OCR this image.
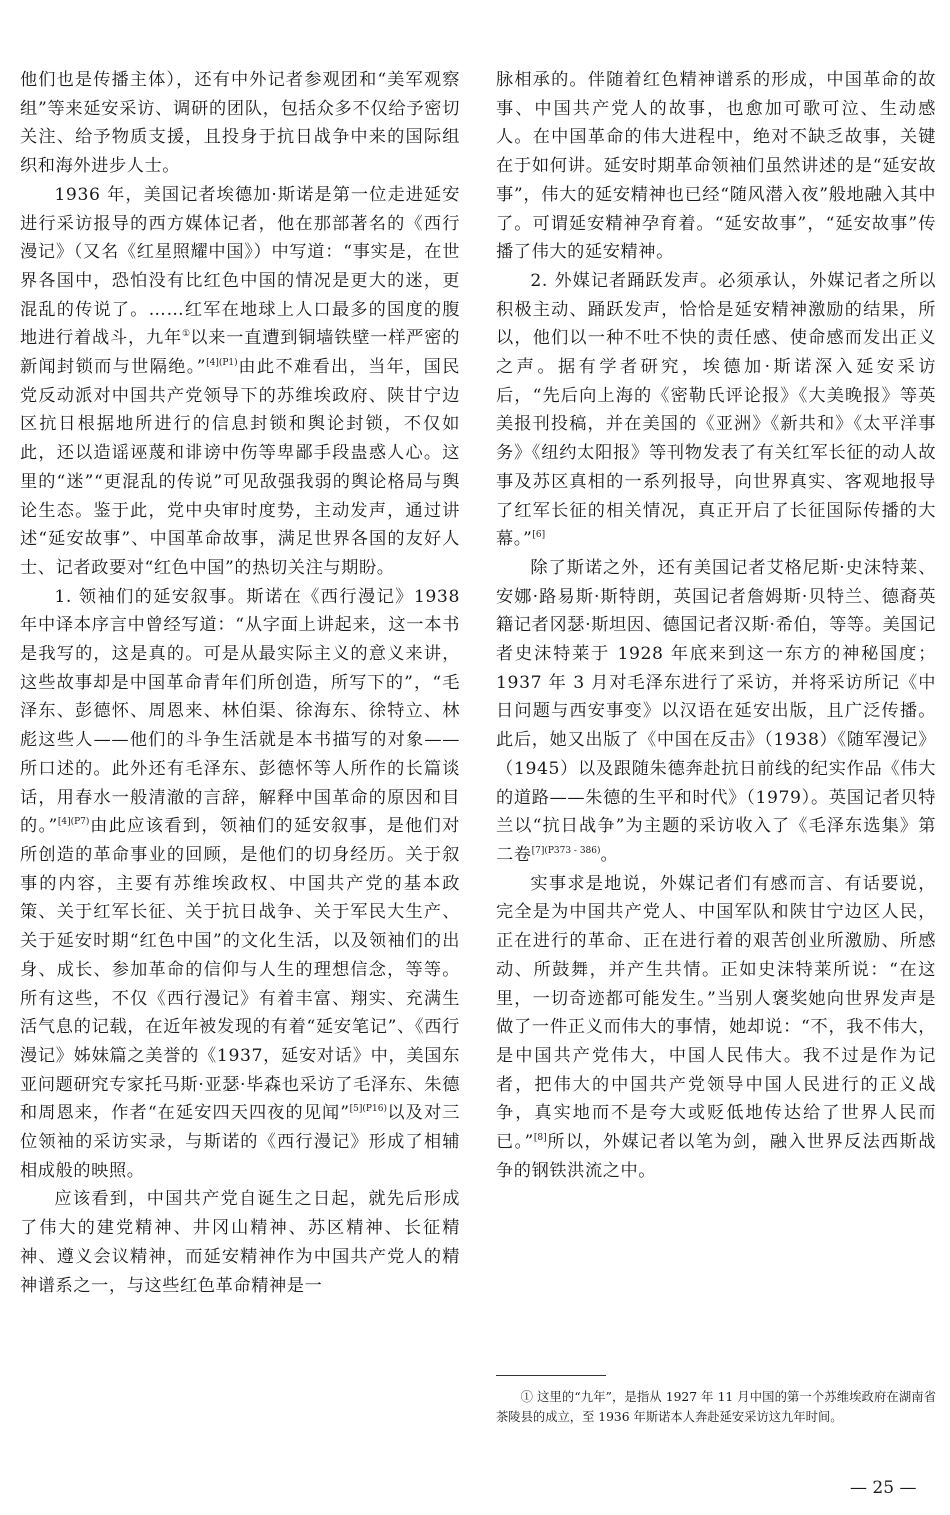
他们也是传播主体），还有中外记者参观团和“美军观察组”等来延安采访、调研的团队，包括众多不仅给予密切关注、给予物质支援，且投身于抗日战争中来的国际组织和海外进步人士。

1936 年，美国记者埃德加·斯诺是第一位走进延安进行采访报导的西方媒体记者，他在那部著名的《西行漫记》（又名《红星照耀中国》）中写道：“事实是，在世界各国中，恐怕没有比红色中国的情况是更大的迷，更混乱的传说了。……红军在地球上人口最多的国度的腹地进行着战斗，九年①以来一直遭到铜墙铁壁一样严密的新闻封锁而与世隔绝。”$^{[4](P1)}$由此不难看出，当年，国民党反动派对中国共产党领导下的苏维埃政府、陕甘宁边区抗日根据地所进行的信息封锁和舆论封锁，不仅如此，还以造谣诬蔑和诽谤中伤等卑鄙手段蛊惑人心。这里的“迷”“更混乱的传说”可见敌强我弱的舆论格局与舆论生态。鉴于此，党中央审时度势，主动发声，通过讲述“延安故事”、中国革命故事，满足世界各国的友好人士、记者政要对“红色中国”的热切关注与期盼。

1. 领袖们的延安叙事。斯诺在《西行漫记》1938 年中译本序言中曾经写道：“从字面上讲起来，这一本书是我写的，这是真的。可是从最实际主义的意义来讲，这些故事却是中国革命青年们所创造，所写下的”，“毛泽东、彭德怀、周恩来、林伯渠、徐海东、徐特立、林彪这些人——他们的斗争生活就是本书描写的对象——所口述的。此外还有毛泽东、彭德怀等人所作的长篇谈话，用春水一般清澈的言辞，解释中国革命的原因和目的。”$^{[4](P7)}$由此应该看到，领袖们的延安叙事，是他们对所创造的革命事业的回顾，是他们的切身经历。关于叙事的内容，主要有苏维埃政权、中国共产党的基本政策、关于红军长征、关于抗日战争、关于军民大生产、关于延安时期“红色中国”的文化生活，以及领袖们的出身、成长、参加革命的信仰与人生的理想信念，等等。所有这些，不仅《西行漫记》有着丰富、翔实、充满生活气息的记载，在近年被发现的有着“延安笔记”、《西行漫记》姊妹篇之美誉的《1937，延安对话》中，美国东亚问题研究专家托马斯·亚瑟·毕森也采访了毛泽东、朱德和周恩来，作者“在延安四天四夜的见闻”$^{[5](P16)}$以及对三位领袖的采访实录，与斯诺的《西行漫记》形成了相辅相成般的映照。

应该看到，中国共产党自诞生之日起，就先后形成了伟大的建党精神、井冈山精神、苏区精神、长征精神、遵义会议精神，而延安精神作为中国共产党人的精神谱系之一，与这些红色革命精神是一

脉相承的。伴随着红色精神谱系的形成，中国革命的故事、中国共产党人的故事，也愈加可歌可泣、生动感人。在中国革命的伟大进程中，绝对不缺乏故事，关键在于如何讲。延安时期革命领袖们虽然讲述的是“延安故事”，伟大的延安精神也已经“随风潜入夜”般地融入其中了。可谓延安精神孕育着。“延安故事”，“延安故事”传播了伟大的延安精神。

2. 外媒记者踊跃发声。必须承认，外媒记者之所以积极主动、踊跃发声，恰恰是延安精神激励的结果，所以，他们以一种不吐不快的责任感、使命感而发出正义之声。据有学者研究，埃德加·斯诺深入延安采访后，“先后向上海的《密勒氏评论报》《大美晚报》等英美报刊投稿，并在美国的《亚洲》《新共和》《太平洋事务》《纽约太阳报》等刊物发表了有关红军长征的动人故事及苏区真相的一系列报导，向世界真实、客观地报导了红军长征的相关情况，真正开启了长征国际传播的大幕。”[6]

除了斯诺之外，还有美国记者艾格尼斯·史沫特莱、安娜·路易斯·斯特朗，英国记者詹姆斯·贝特兰、德裔英籍记者冈瑟·斯坦因、德国记者汉斯·希伯，等等。美国记者史沫特莱于 1928 年底来到这一东方的神秘国度；1937 年 3 月对毛泽东进行了采访，并将采访所记《中日问题与西安事变》以汉语在延安出版，且广泛传播。此后，她又出版了《中国在反击》（1938）《随军漫记》（1945）以及跟随朱德奔赴抗日前线的纪实作品《伟大的道路——朱德的生平和时代》（1979）。英国记者贝特兰以“抗日战争”为主题的采访收入了《毛泽东选集》第二卷$^{[7](P373 - 386)}$。

实事求是地说，外媒记者们有感而言、有话要说，完全是为中国共产党人、中国军队和陕甘宁边区人民，正在进行的革命、正在进行着的艰苦创业所激励、所感动、所鼓舞，并产生共情。正如史沫特莱所说：“在这里，一切奇迹都可能发生。”当别人褒奖她向世界发声是做了一件正义而伟大的事情，她却说：“不，我不伟大，是中国共产党伟大，中国人民伟大。我不过是作为记者，把伟大的中国共产党领导中国人民进行的正义战争，真实地而不是夸大或贬低地传达给了世界人民而已。”[8]所以，外媒记者以笔为剑，融入世界反法西斯战争的钢铁洪流之中。

① 这里的“九年”，是指从 1927 年 11 月中国的第一个苏维埃政府在湖南省茶陵县的成立，至 1936 年斯诺本人奔赴延安采访这九年时间。

— 25 —
